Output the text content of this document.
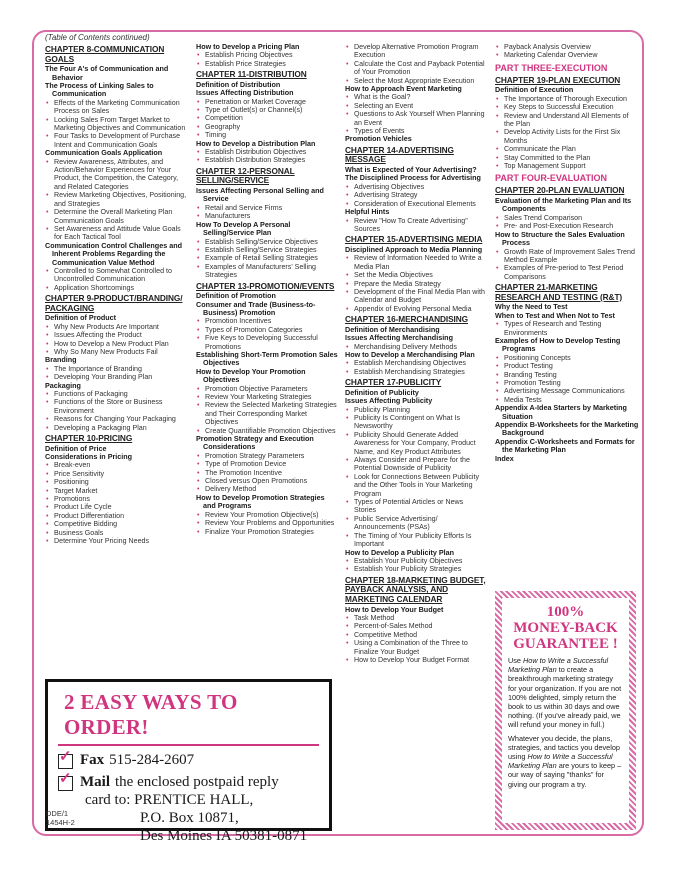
(Table of Contents continued)
CHAPTER 8-COMMUNICATION GOALS
The Four A's of Communication and Behavior
The Process of Linking Sales to Communication
• Effects of the Marketing Communication Process on Sales
• Locking Sales From Target Market to Marketing Objectives and Communication
• Four Tasks to Development of Purchase Intent and Communication Goals
Communication Goals Application
• Review Awareness, Attributes, and Action/Behavior Experiences for Your Product, the Competition, the Category, and Related Categories
• Review Marketing Objectives, Positioning, and Strategies
• Determine the Overall Marketing Plan Communication Goals
• Set Awareness and Attitude Value Goals for Each Tactical Tool
Communication Control Challenges and Inherent Problems Regarding the Communication Value Method
• Controlled to Somewhat Controlled to Uncontrolled Communication
• Application Shortcomings
CHAPTER 9-PRODUCT/BRANDING/ PACKAGING
Definition of Product
• Why New Products Are Important
• Issues Affecting the Product
• How to Develop a New Product Plan
• Why So Many New Products Fail
Branding
• The Importance of Branding
• Developing Your Branding Plan
Packaging
• Functions of Packaging
• Functions of the Store or Business Environment
• Reasons for Changing Your Packaging
• Developing a Packaging Plan
CHAPTER 10-PRICING
Definition of Price
Considerations in Pricing
• Break-even
• Price Sensitivity
• Positioning
• Target Market
• Promotions
• Product Life Cycle
• Product Differentiation
• Competitive Bidding
• Business Goals
• Determine Your Pricing Needs
How to Develop a Pricing Plan
• Establish Pricing Objectives
• Establish Price Strategies
CHAPTER 11-DISTRIBUTION
Definition of Distribution
Issues Affecting Distribution
• Penetration or Market Coverage
• Type of Outlet(s) or Channel(s)
• Competition
• Geography
• Timing
How to Develop a Distribution Plan
• Establish Distribution Objectives
• Establish Distribution Strategies
CHAPTER 12-PERSONAL SELLING/SERVICE
Issues Affecting Personal Selling and Service
• Retail and Service Firms
• Manufacturers
How To Develop A Personal Selling/Service Plan
• Establish Selling/Service Objectives
• Establish Selling/Service Strategies
• Example of Retail Selling Strategies
• Examples of Manufacturers' Selling Strategies
CHAPTER 13-PROMOTION/EVENTS
Definition of Promotion
Consumer and Trade (Business-to-Business) Promotion
• Promotion Incentives
• Types of Promotion Categories
• Five Keys to Developing Successful Promotions
Establishing Short-Term Promotion Sales Objectives
How to Develop Your Promotion Objectives
• Promotion Objective Parameters
• Review Your Marketing Strategies
• Review the Selected Marketing Strategies and Their Corresponding Market Objectives
• Create Quantifiable Promotion Objectives
Promotion Strategy and Execution Considerations
• Promotion Strategy Parameters
• Type of Promotion Device
• The Promotion Incentive
• Closed versus Open Promotions
• Delivery Method
How to Develop Promotion Strategies and Programs
• Review Your Promotion Objective(s)
• Review Your Problems and Opportunities
• Finalize Your Promotion Strategies
• Develop Alternative Promotion Program Execution
• Calculate the Cost and Payback Potential of Your Promotion
• Select the Most Appropriate Execution
How to Approach Event Marketing
• What is the Goal?
• Selecting an Event
• Questions to Ask Yourself When Planning an Event
• Types of Events
Promotion Vehicles
CHAPTER 14-ADVERTISING MESSAGE
What is Expected of Your Advertising?
The Disciplined Process for Advertising
• Advertising Objectives
• Advertising Strategy
• Consideration of Executional Elements
Helpful Hints
• Review "How To Create Advertising" Sources
CHAPTER 15-ADVERTISING MEDIA
Disciplined Approach to Media Planning
• Review of Information Needed to Write a Media Plan
• Set the Media Objectives
• Prepare the Media Strategy
• Development of the Final Media Plan with Calendar and Budget
• Appendix of Evolving Personal Media
CHAPTER 16-MERCHANDISING
Definition of Merchandising
Issues Affecting Merchandising
• Merchandising Delivery Methods
How to Develop a Merchandising Plan
• Establish Merchandising Objectives
• Establish Merchandising Strategies
CHAPTER 17-PUBLICITY
Definition of Publicity
Issues Affecting Publicity
• Publicity Planning
• Publicity Is Contingent on What Is Newsworthy
• Publicity Should Generate Added Awareness for Your Company, Product Name, and Key Product Attributes
• Always Consider and Prepare for the Potential Downside of Publicity
• Look for Connections Between Publicity and the Other Tools in Your Marketing Program
• Types of Potential Articles or News Stories
• Public Service Advertising/ Announcements (PSAs)
• The Timing of Your Publicity Efforts Is Important
How to Develop a Publicity Plan
• Establish Your Publicity Objectives
• Establish Your Publicity Strategies
CHAPTER 18-MARKETING BUDGET, PAYBACK ANALYSIS, AND MARKETING CALENDAR
How to Develop Your Budget
• Task Method
• Percent-of-Sales Method
• Competitive Method
• Using a Combination of the Three to Finalize Your Budget
• How to Develop Your Budget Format
• Payback Analysis Overview
• Marketing Calendar Overview
PART THREE-EXECUTION
CHAPTER 19-PLAN EXECUTION
Definition of Execution
• The Importance of Thorough Execution
• Key Steps to Successful Execution
• Review and Understand All Elements of the Plan
• Develop Activity Lists for the First Six Months
• Communicate the Plan
• Stay Committed to the Plan
• Top Management Support
PART FOUR-EVALUATION
CHAPTER 20-PLAN EVALUATION
Evaluation of the Marketing Plan and Its Components
• Sales Trend Comparison
• Pre- and Post-Execution Research
How to Structure the Sales Evaluation Process
• Growth Rate of Improvement Sales Trend Method Example
• Examples of Pre-period to Test Period Comparisons
CHAPTER 21-MARKETING RESEARCH AND TESTING (R&T)
Why the Need to Test
When to Test and When Not to Test
• Types of Research and Testing Environments
Examples of How to Develop Testing Programs
• Positioning Concepts
• Product Testing
• Branding Testing
• Promotion Testing
• Advertising Message Communications
• Media Tests
Appendix A-Idea Starters by Marketing Situation
Appendix B-Worksheets for the Marketing Background
Appendix C-Worksheets and Formats for the Marketing Plan
Index
2 EASY WAYS TO ORDER!
✓
Fax 515-284-2607
✓
Mail the enclosed postpaid reply
card to: PRENTICE HALL,
P.O. Box 10871,
Des Moines IA 50381-0871
DDE/1
1454H-2
100%
MONEY-BACK
GUARANTEE !
Use How to Write a Successful Marketing Plan to create a breakthrough marketing strategy for your organization. If you are not 100% delighted, simply return the book to us within 30 days and owe nothing. (If you've already paid, we will refund your money in full.)
Whatever you decide, the plans, strategies, and tactics you develop using How to Write a Successful Marketing Plan are yours to keep – our way of saying "thanks" for giving our program a try.
